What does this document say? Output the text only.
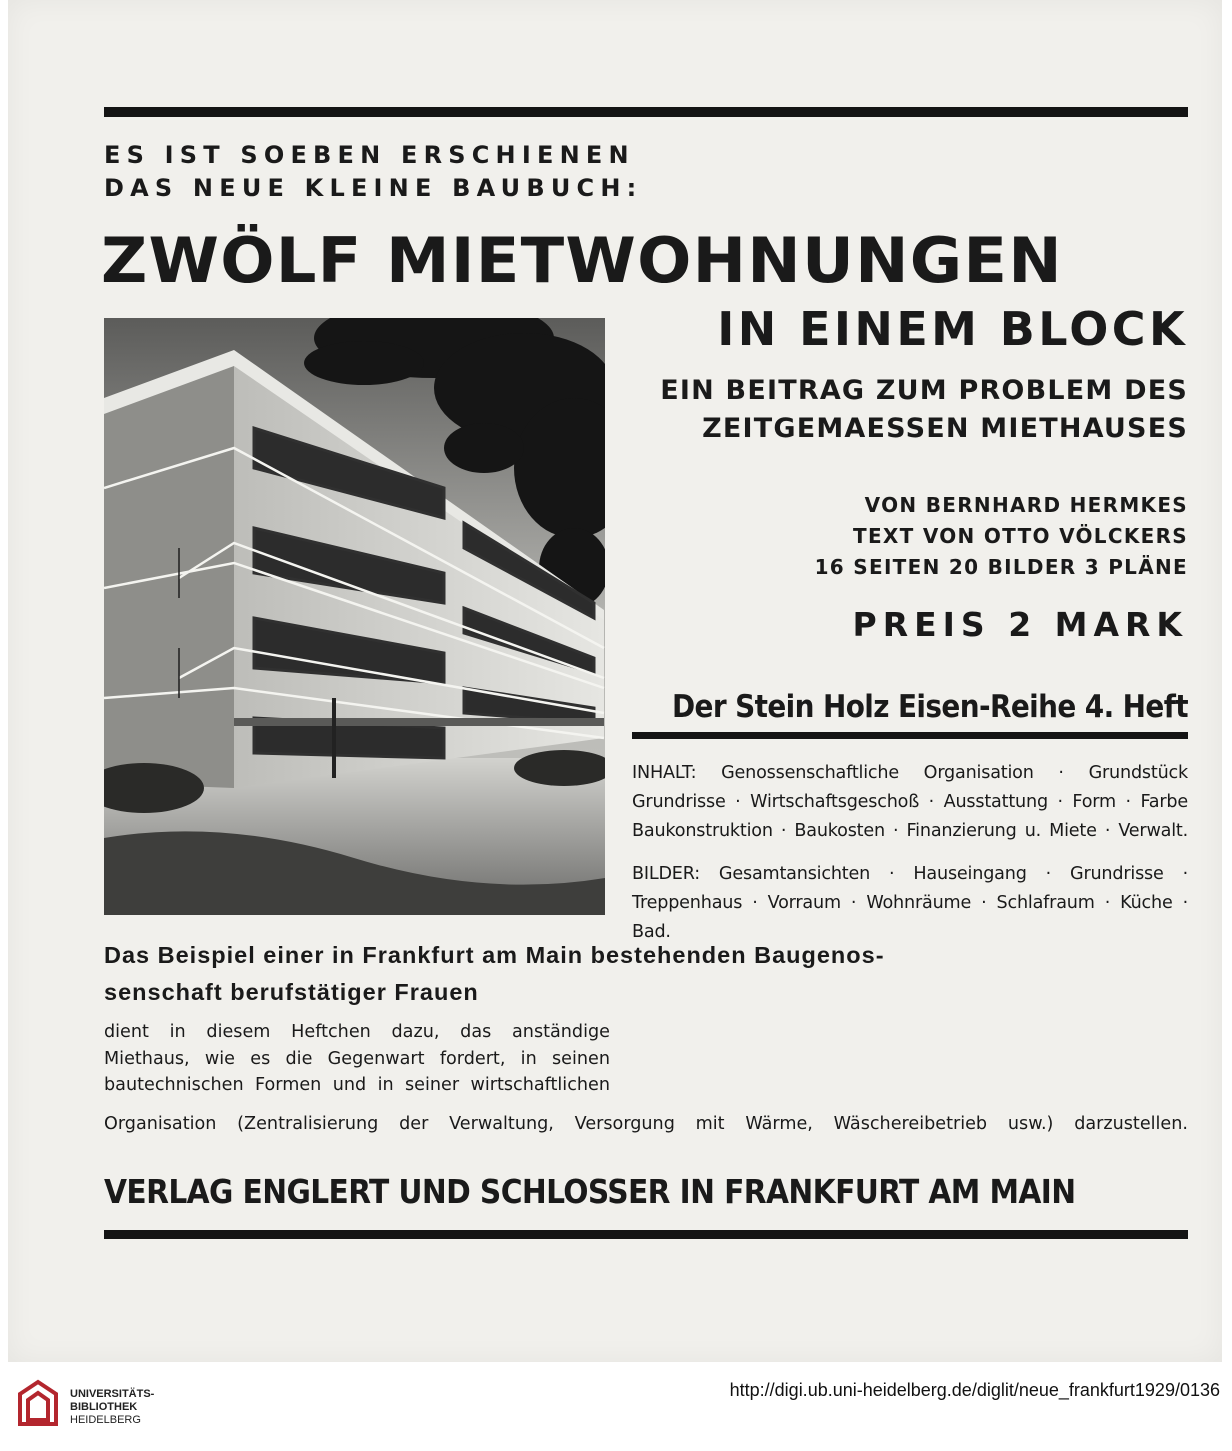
ES IST SOEBEN ERSCHIENEN
DAS NEUE KLEINE BAUBUCH:
ZWÖLF MIETWOHNUNGEN
IN EINEM BLOCK
EIN BEITRAG ZUM PROBLEM DES
ZEITGEMAESSEN MIETHAUSES
VON BERNHARD HERMKES
TEXT VON OTTO VÖLCKERS
16 SEITEN 20 BILDER 3 PLÄNE
PREIS 2 MARK
Der Stein Holz Eisen-Reihe 4. Heft
INHALT: Genossenschaftliche Organisation · Grundstück Grundrisse · Wirtschaftsgeschoß · Ausstattung · Form · Farbe Baukonstruktion · Baukosten · Finanzierung u. Miete · Verwalt.
BILDER: Gesamtansichten · Hauseingang · Grundrisse · Treppenhaus · Vorraum · Wohnräume · Schlafraum · Küche · Bad.
Das Beispiel einer in Frankfurt am Main bestehenden Baugenos-
senschaft berufstätiger Frauen
dient in diesem Heftchen dazu, das anständige Miethaus, wie es die Gegenwart fordert, in seinen bautechnischen Formen und in seiner wirtschaftlichen
Organisation (Zentralisierung der Verwaltung, Versorgung mit Wärme, Wäschereibetrieb usw.) darzustellen.
VERLAG ENGLERT UND SCHLOSSER IN FRANKFURT AM MAIN
UNIVERSITÄTS-
BIBLIOTHEK
HEIDELBERG
http://digi.ub.uni-heidelberg.de/diglit/neue_frankfurt1929/0136
